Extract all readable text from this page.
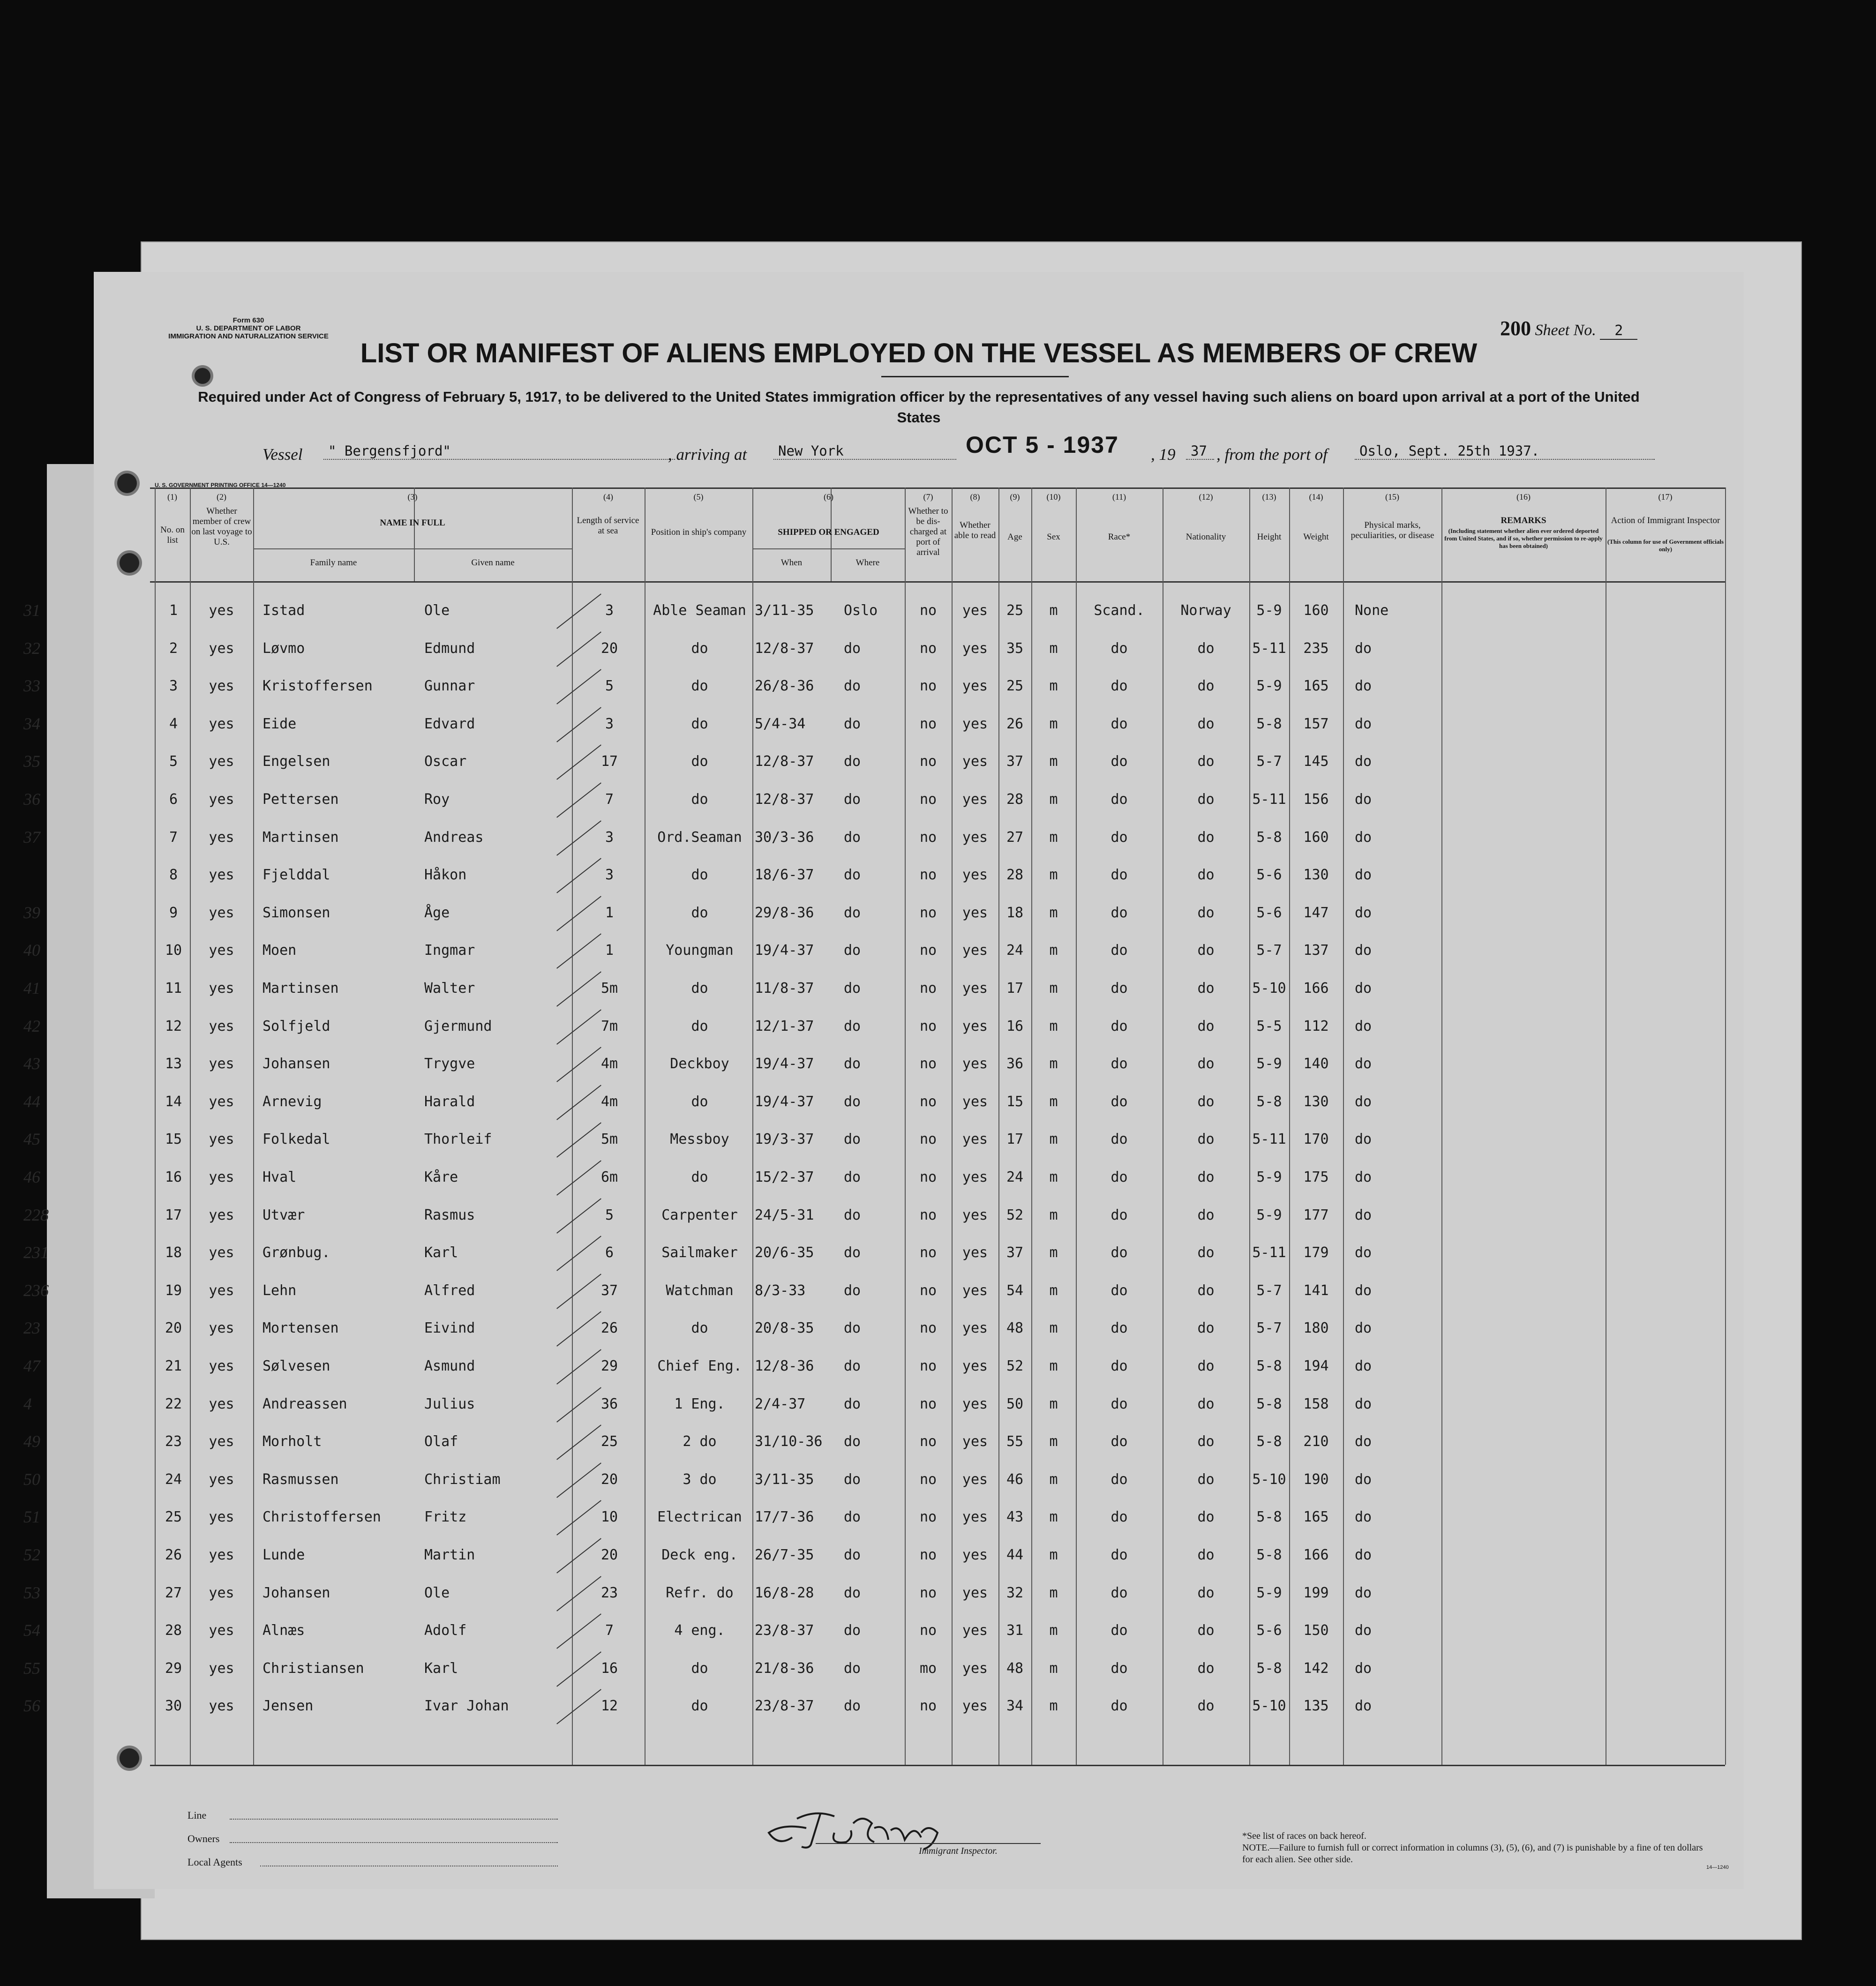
Form 630
U. S. DEPARTMENT OF LABOR
IMMIGRATION AND NATURALIZATION SERVICE	200 Sheet No. 2
LIST OR MANIFEST OF ALIENS EMPLOYED ON THE VESSEL AS MEMBERS OF CREW
Required under Act of Congress of February 5, 1917, to be delivered to the United States immigration officer by the representatives of any vessel having such aliens on board upon arrival at a port of the United States
Vessel	" Bergensfjord"	, arriving at	New York	OCT 5 - 1937 , 19	37 , from the port of	Oslo, Sept. 25th 1937.
U. S. GOVERNMENT PRINTING OFFICE 14—1240
(1)	(2)	(3)	(4)	(5)	(6)	(7)	(8)	(9)	(10)	(11)	(12)	(13)	(14)	(15)	(16)	(17)
No. on list
Whether member of crew on last voyage to U.S.
NAME IN FULL
Family name	Given name
Length of service at sea	Position in ship's company	SHIPPED OR ENGAGED
When	Where
Whether to be dis-charged at port of arrival
Whether able to read	Age	Sex	Race*	Nationality	Height	Weight
Physical marks, peculiarities, or disease
REMARKS
(Including statement whether alien ever ordered deported from United States, and if so, whether permission to re-apply has been obtained)
Action of Immigrant Inspector
(This column for use of Government officials only)
31	1	yes	Istad	Ole	3	Able Seaman 3/11-35	Oslo	no	yes	25	m	Scand.	Norway	5-9	160	None
32	2	yes	Løvmo	Edmund	20	do	12/8-37	do	no	yes	35	m	do	do	5-11	235	do
33	3	yes	Kristoffersen	Gunnar	5	do	26/8-36	do	no	yes	25	m	do	do	5-9	165	do
34	4	yes	Eide	Edvard	3	do	5/4-34	do	no	yes	26	m	do	do	5-8	157	do
35	5	yes	Engelsen	Oscar	17	do	12/8-37	do	no	yes	37	m	do	do	5-7	145	do
36	6	yes	Pettersen	Roy	7	do	12/8-37	do	no	yes	28	m	do	do	5-11	156	do
37	7	yes	Martinsen	Andreas	3	Ord.Seaman 30/3-36	do	no	yes	27	m	do	do	5-8	160	do
8	yes	Fjelddal	Håkon	3	do	18/6-37	do	no	yes	28	m	do	do	5-6	130	do
39	9	yes	Simonsen	Åge	1	do	29/8-36	do	no	yes	18	m	do	do	5-6	147	do
40	10	yes	Moen	Ingmar	1	Youngman	19/4-37	do	no	yes	24	m	do	do	5-7	137	do
41	11	yes	Martinsen	Walter	5m	do	11/8-37	do	no	yes	17	m	do	do	5-10	166	do
42	12	yes	Solfjeld	Gjermund	7m	do	12/1-37	do	no	yes	16	m	do	do	5-5	112	do
43	13	yes	Johansen	Trygve	4m	Deckboy	19/4-37	do	no	yes	36	m	do	do	5-9	140	do
44	14	yes	Arnevig	Harald	4m	do	19/4-37	do	no	yes	15	m	do	do	5-8	130	do
45	15	yes	Folkedal	Thorleif	5m	Messboy	19/3-37	do	no	yes	17	m	do	do	5-11	170	do
46	16	yes	Hval	Kåre	6m	do	15/2-37	do	no	yes	24	m	do	do	5-9	175	do
228	17	yes	Utvær	Rasmus	5	Carpenter	24/5-31	do	no	yes	52	m	do	do	5-9	177	do
231	18	yes	Grønbug.	Karl	6	Sailmaker	20/6-35	do	no	yes	37	m	do	do	5-11	179	do
236	19	yes	Lehn	Alfred	37	Watchman	8/3-33	do	no	yes	54	m	do	do	5-7	141	do
23	20	yes	Mortensen	Eivind	26	do	20/8-35	do	no	yes	48	m	do	do	5-7	180	do
47	21	yes	Sølvesen	Asmund	29	Chief Eng. 12/8-36	do	no	yes	52	m	do	do	5-8	194	do
4	22	yes	Andreassen	Julius	36	1 Eng.	2/4-37	do	no	yes	50	m	do	do	5-8	158	do
49	23	yes	Morholt	Olaf	25	2 do	31/10-36	do	no	yes	55	m	do	do	5-8	210	do
50	24	yes	Rasmussen	Christiam	20	3 do	3/11-35	do	no	yes	46	m	do	do	5-10	190	do
51	25	yes	Christoffersen	Fritz	10	Electrican 17/7-36	do	no	yes	43	m	do	do	5-8	165	do
52	26	yes	Lunde	Martin	20	Deck eng.	26/7-35	do	no	yes	44	m	do	do	5-8	166	do
53	27	yes	Johansen	Ole	23	Refr. do	16/8-28	do	no	yes	32	m	do	do	5-9	199	do
54	28	yes	Alnæs	Adolf	7	4 eng.	23/8-37	do	no	yes	31	m	do	do	5-6	150	do
55	29	yes	Christiansen	Karl	16	do	21/8-36	do	mo	yes	48	m	do	do	5-8	142	do
56	30	yes	Jensen	Ivar Johan	12	do	23/8-37	do	no	yes	34	m	do	do	5-10	135	do
Line
Owners
Local Agents
Immigrant Inspector.
*See list of races on back hereof.
NOTE.—Failure to furnish full or correct information in columns (3), (5), (6), and (7) is punishable by a fine of ten dollars for each alien. See other side.
14—1240
